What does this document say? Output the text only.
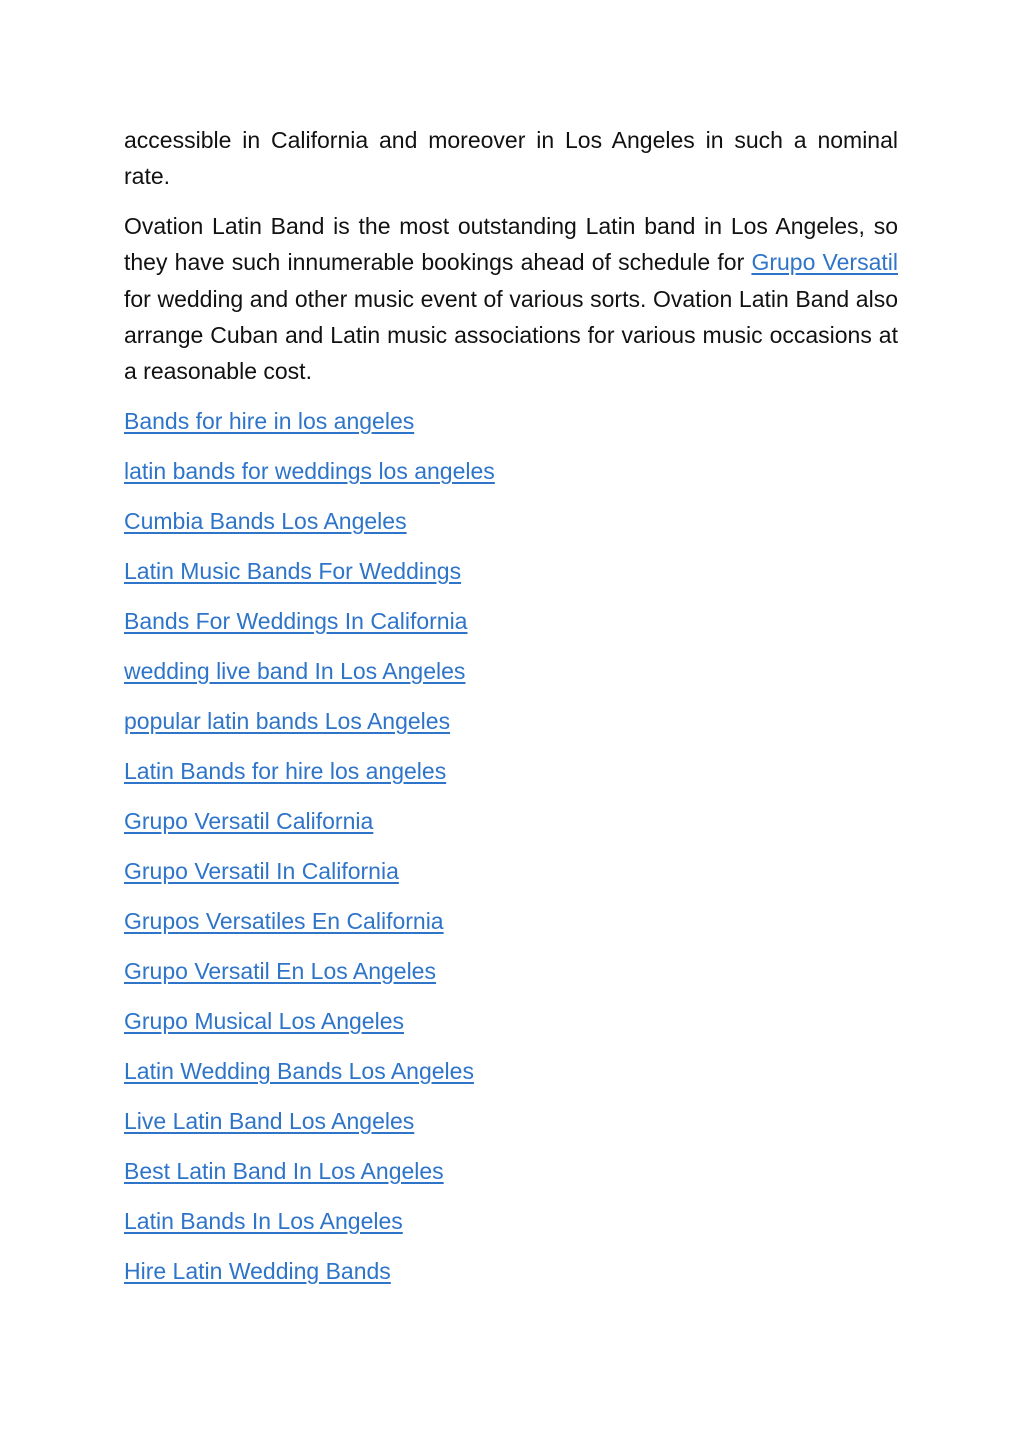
accessible in California and moreover in Los Angeles in such a nominal rate.

Ovation Latin Band is the most outstanding Latin band in Los Angeles, so they have such innumerable bookings ahead of schedule for Grupo Versatil for wedding and other music event of various sorts. Ovation Latin Band also arrange Cuban and Latin music associations for various music occasions at a reasonable cost.

Bands for hire in los angeles
latin bands for weddings los angeles
Cumbia Bands Los Angeles
Latin Music Bands For Weddings
Bands For Weddings In California
wedding live band In Los Angeles
popular latin bands Los Angeles
Latin Bands for hire los angeles
Grupo Versatil California
Grupo Versatil In California
Grupos Versatiles En California
Grupo Versatil En Los Angeles
Grupo Musical Los Angeles
Latin Wedding Bands Los Angeles
Live Latin Band Los Angeles
Best Latin Band In Los Angeles
Latin Bands In Los Angeles
Hire Latin Wedding Bands
